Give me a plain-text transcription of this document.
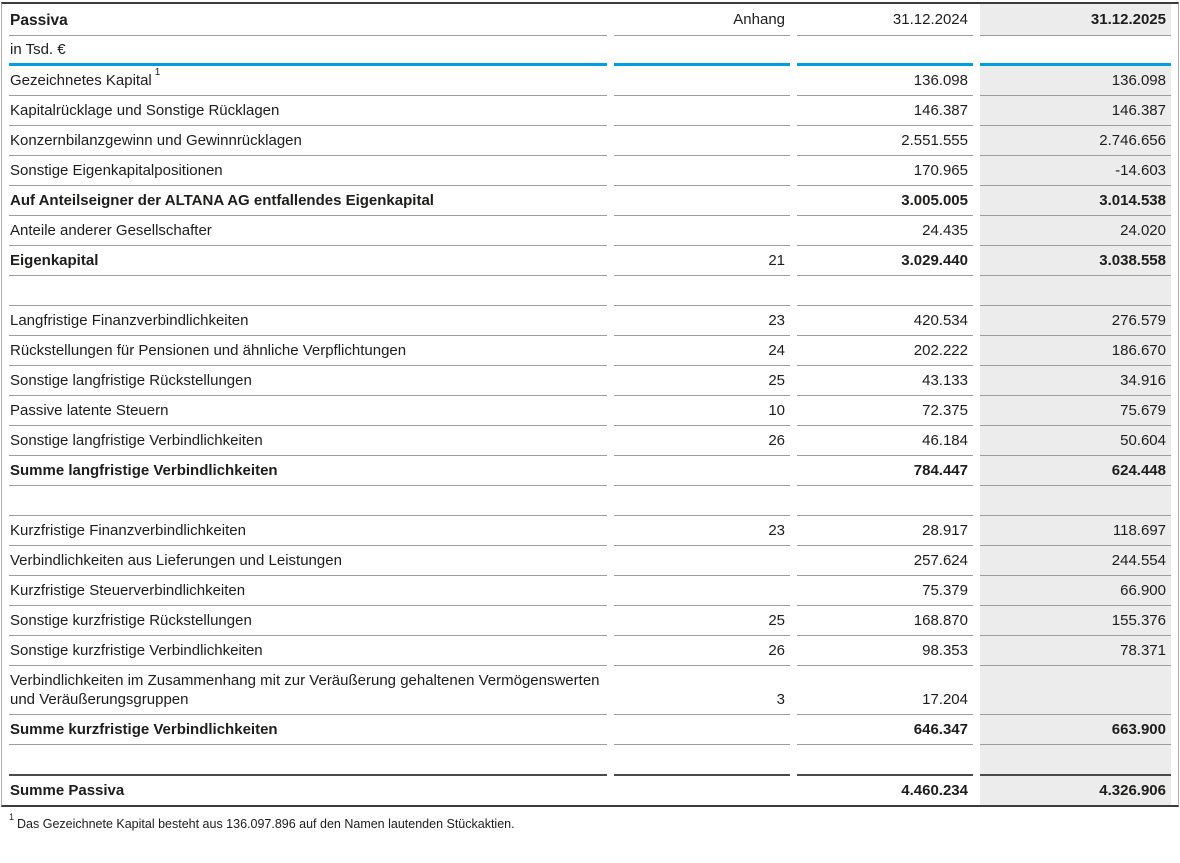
Passiva	Anhang	31.12.2024	31.12.2025
in Tsd. €			
Gezeichnetes Kapital $^1$		136.098	136.098
Kapitalrücklage und Sonstige Rücklagen		146.387	146.387
Konzernbilanzgewinn und Gewinnrücklagen		2.551.555	2.746.656
Sonstige Eigenkapitalpositionen		170.965	-14.603
Auf Anteilseigner der ALTANA AG entfallendes Eigenkapital		3.005.005	3.014.538
Anteile anderer Gesellschafter		24.435	24.020
Eigenkapital	21	3.029.440	3.038.558

Langfristige Finanzverbindlichkeiten	23	420.534	276.579
Rückstellungen für Pensionen und ähnliche Verpflichtungen	24	202.222	186.670
Sonstige langfristige Rückstellungen	25	43.133	34.916
Passive latente Steuern	10	72.375	75.679
Sonstige langfristige Verbindlichkeiten	26	46.184	50.604
Summe langfristige Verbindlichkeiten		784.447	624.448

Kurzfristige Finanzverbindlichkeiten	23	28.917	118.697
Verbindlichkeiten aus Lieferungen und Leistungen		257.624	244.554
Kurzfristige Steuerverbindlichkeiten		75.379	66.900
Sonstige kurzfristige Rückstellungen	25	168.870	155.376
Sonstige kurzfristige Verbindlichkeiten	26	98.353	78.371
Verbindlichkeiten im Zusammenhang mit zur Veräußerung gehaltenen Vermögenswerten und Veräußerungsgruppen	3	17.204	
Summe kurzfristige Verbindlichkeiten		646.347	663.900

Summe Passiva		4.460.234	4.326.906

$^1$Das Gezeichnete Kapital besteht aus 136.097.896 auf den Namen lautenden Stückaktien.
